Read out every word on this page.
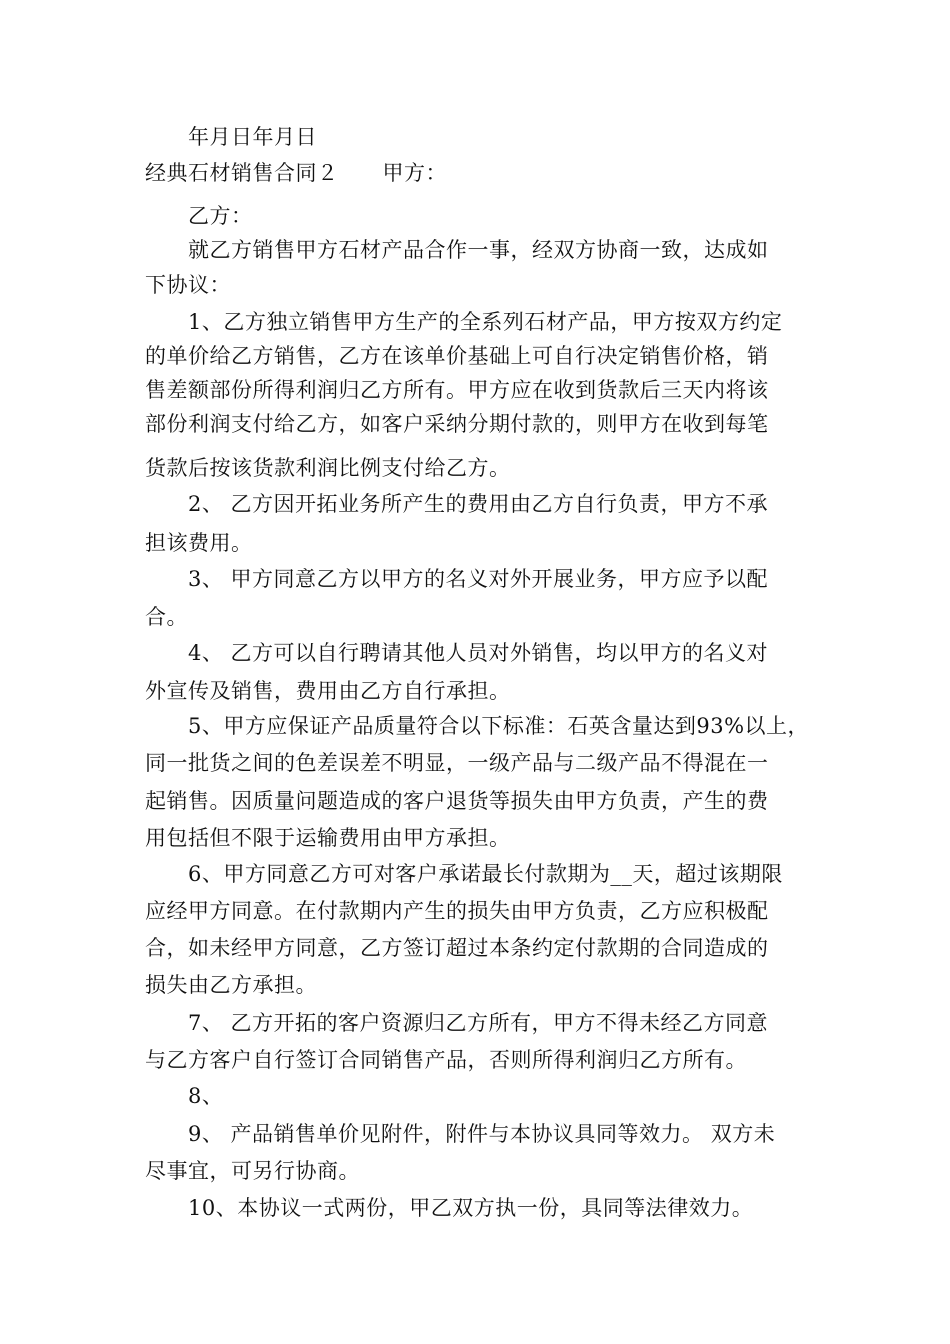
年月日年月日
经典石材销售合同２ 甲方：
乙方：
就乙方销售甲方石材产品合作一事，经双方协商一致，达成如
下协议：
1、乙方独立销售甲方生产的全系列石材产品，甲方按双方约定
的单价给乙方销售，乙方在该单价基础上可自行决定销售价格，销
售差额部份所得利润归乙方所有。甲方应在收到货款后三天内将该
部份利润支付给乙方，如客户采纳分期付款的，则甲方在收到每笔
货款后按该货款利润比例支付给乙方。
2、 乙方因开拓业务所产生的费用由乙方自行负责，甲方不承
担该费用。
3、 甲方同意乙方以甲方的名义对外开展业务，甲方应予以配
合。
4、 乙方可以自行聘请其他人员对外销售，均以甲方的名义对
外宣传及销售，费用由乙方自行承担。
5、甲方应保证产品质量符合以下标准：石英含量达到93%以上，
同一批货之间的色差误差不明显，一级产品与二级产品不得混在一
起销售。因质量问题造成的客户退货等损失由甲方负责，产生的费
用包括但不限于运输费用由甲方承担。
6、甲方同意乙方可对客户承诺最长付款期为__天，超过该期限
应经甲方同意。在付款期内产生的损失由甲方负责，乙方应积极配
合，如未经甲方同意，乙方签订超过本条约定付款期的合同造成的
损失由乙方承担。
7、 乙方开拓的客户资源归乙方所有，甲方不得未经乙方同意
与乙方客户自行签订合同销售产品，否则所得利润归乙方所有。
8、
9、 产品销售单价见附件，附件与本协议具同等效力。 双方未
尽事宜，可另行协商。
10、本协议一式两份，甲乙双方执一份，具同等法律效力。
